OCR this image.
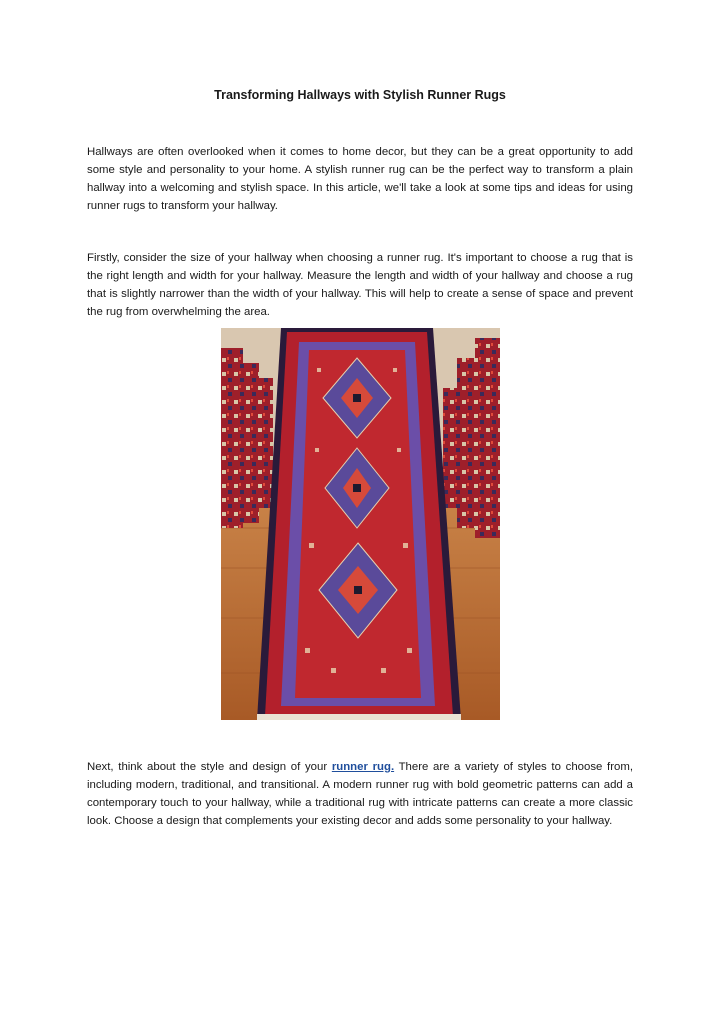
Transforming Hallways with Stylish Runner Rugs

Hallways are often overlooked when it comes to home decor, but they can be a great opportunity to add some style and personality to your home. A stylish runner rug can be the perfect way to transform a plain hallway into a welcoming and stylish space. In this article, we'll take a look at some tips and ideas for using runner rugs to transform your hallway.

Firstly, consider the size of your hallway when choosing a runner rug. It's important to choose a rug that is the right length and width for your hallway. Measure the length and width of your hallway and choose a rug that is slightly narrower than the width of your hallway. This will help to create a sense of space and prevent the rug from overwhelming the area.

Next, think about the style and design of your runner rug. There are a variety of styles to choose from, including modern, traditional, and transitional. A modern runner rug with bold geometric patterns can add a contemporary touch to your hallway, while a traditional rug with intricate patterns can create a more classic look. Choose a design that complements your existing decor and adds some personality to your hallway.
